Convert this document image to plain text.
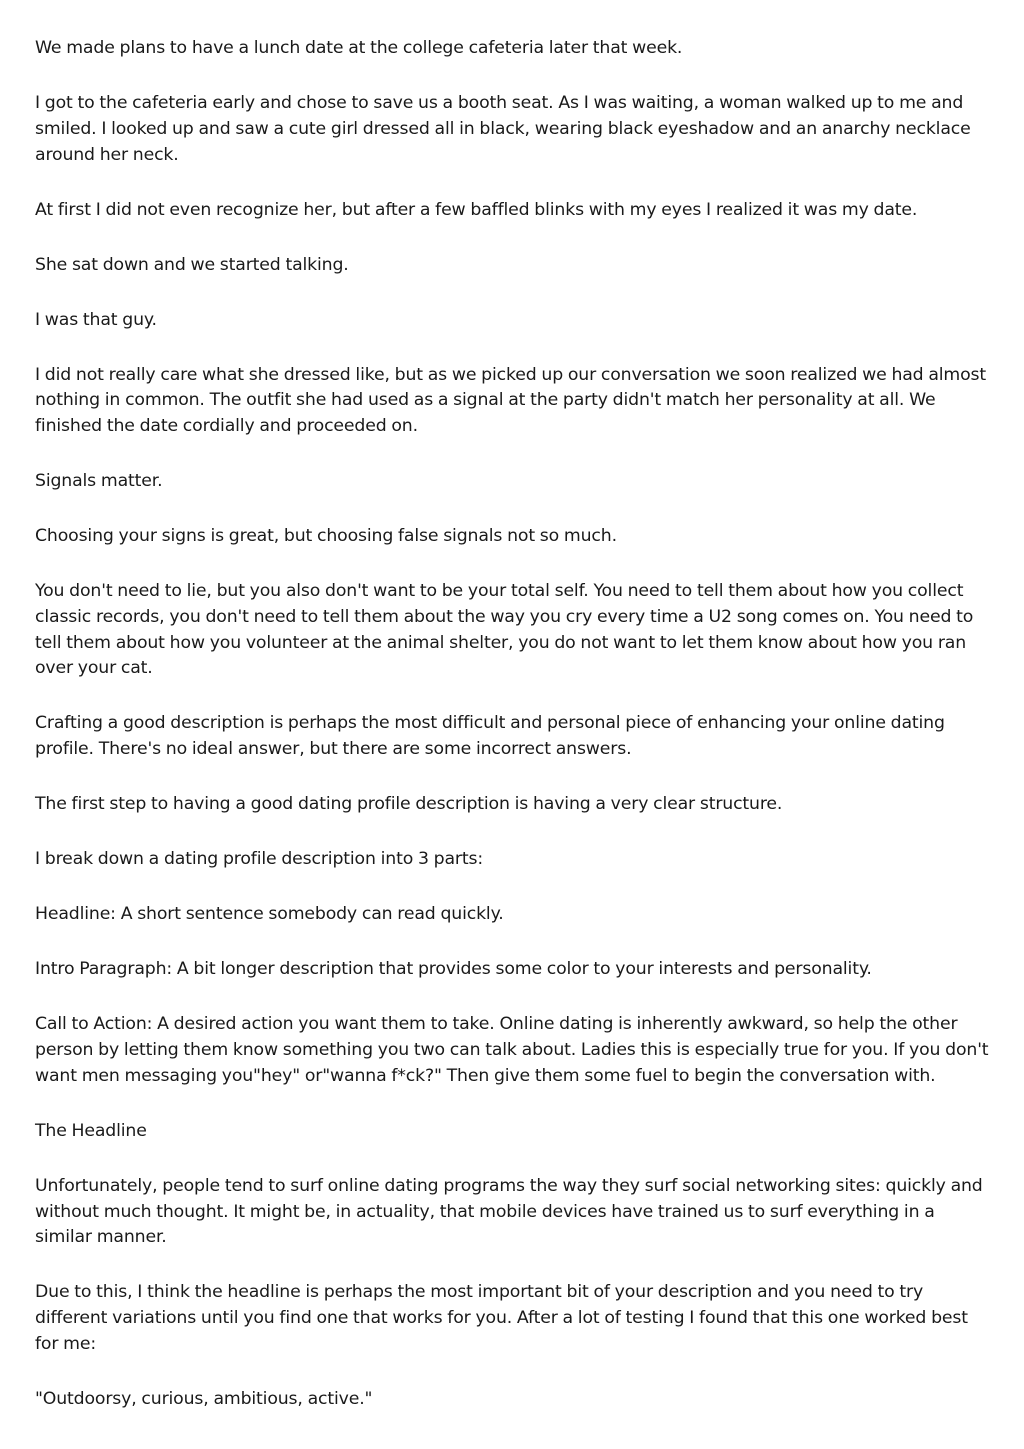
We made plans to have a lunch date at the college cafeteria later that week.

I got to the cafeteria early and chose to save us a booth seat. As I was waiting, a woman walked up to me and smiled. I looked up and saw a cute girl dressed all in black, wearing black eyeshadow and an anarchy necklace around her neck.

At first I did not even recognize her, but after a few baffled blinks with my eyes I realized it was my date.

She sat down and we started talking.

I was that guy.

I did not really care what she dressed like, but as we picked up our conversation we soon realized we had almost nothing in common. The outfit she had used as a signal at the party didn't match her personality at all. We finished the date cordially and proceeded on.

Signals matter.

Choosing your signs is great, but choosing false signals not so much.

You don't need to lie, but you also don't want to be your total self. You need to tell them about how you collect classic records, you don't need to tell them about the way you cry every time a U2 song comes on. You need to tell them about how you volunteer at the animal shelter, you do not want to let them know about how you ran over your cat.

Crafting a good description is perhaps the most difficult and personal piece of enhancing your online dating profile. There's no ideal answer, but there are some incorrect answers.

The first step to having a good dating profile description is having a very clear structure.

I break down a dating profile description into 3 parts:

Headline: A short sentence somebody can read quickly.

Intro Paragraph: A bit longer description that provides some color to your interests and personality.

Call to Action: A desired action you want them to take. Online dating is inherently awkward, so help the other person by letting them know something you two can talk about. Ladies this is especially true for you. If you don't want men messaging you"hey" or"wanna f*ck?" Then give them some fuel to begin the conversation with.

The Headline

Unfortunately, people tend to surf online dating programs the way they surf social networking sites: quickly and without much thought. It might be, in actuality, that mobile devices have trained us to surf everything in a similar manner.

Due to this, I think the headline is perhaps the most important bit of your description and you need to try different variations until you find one that works for you. After a lot of testing I found that this one worked best for me:

"Outdoorsy, curious, ambitious, active."
